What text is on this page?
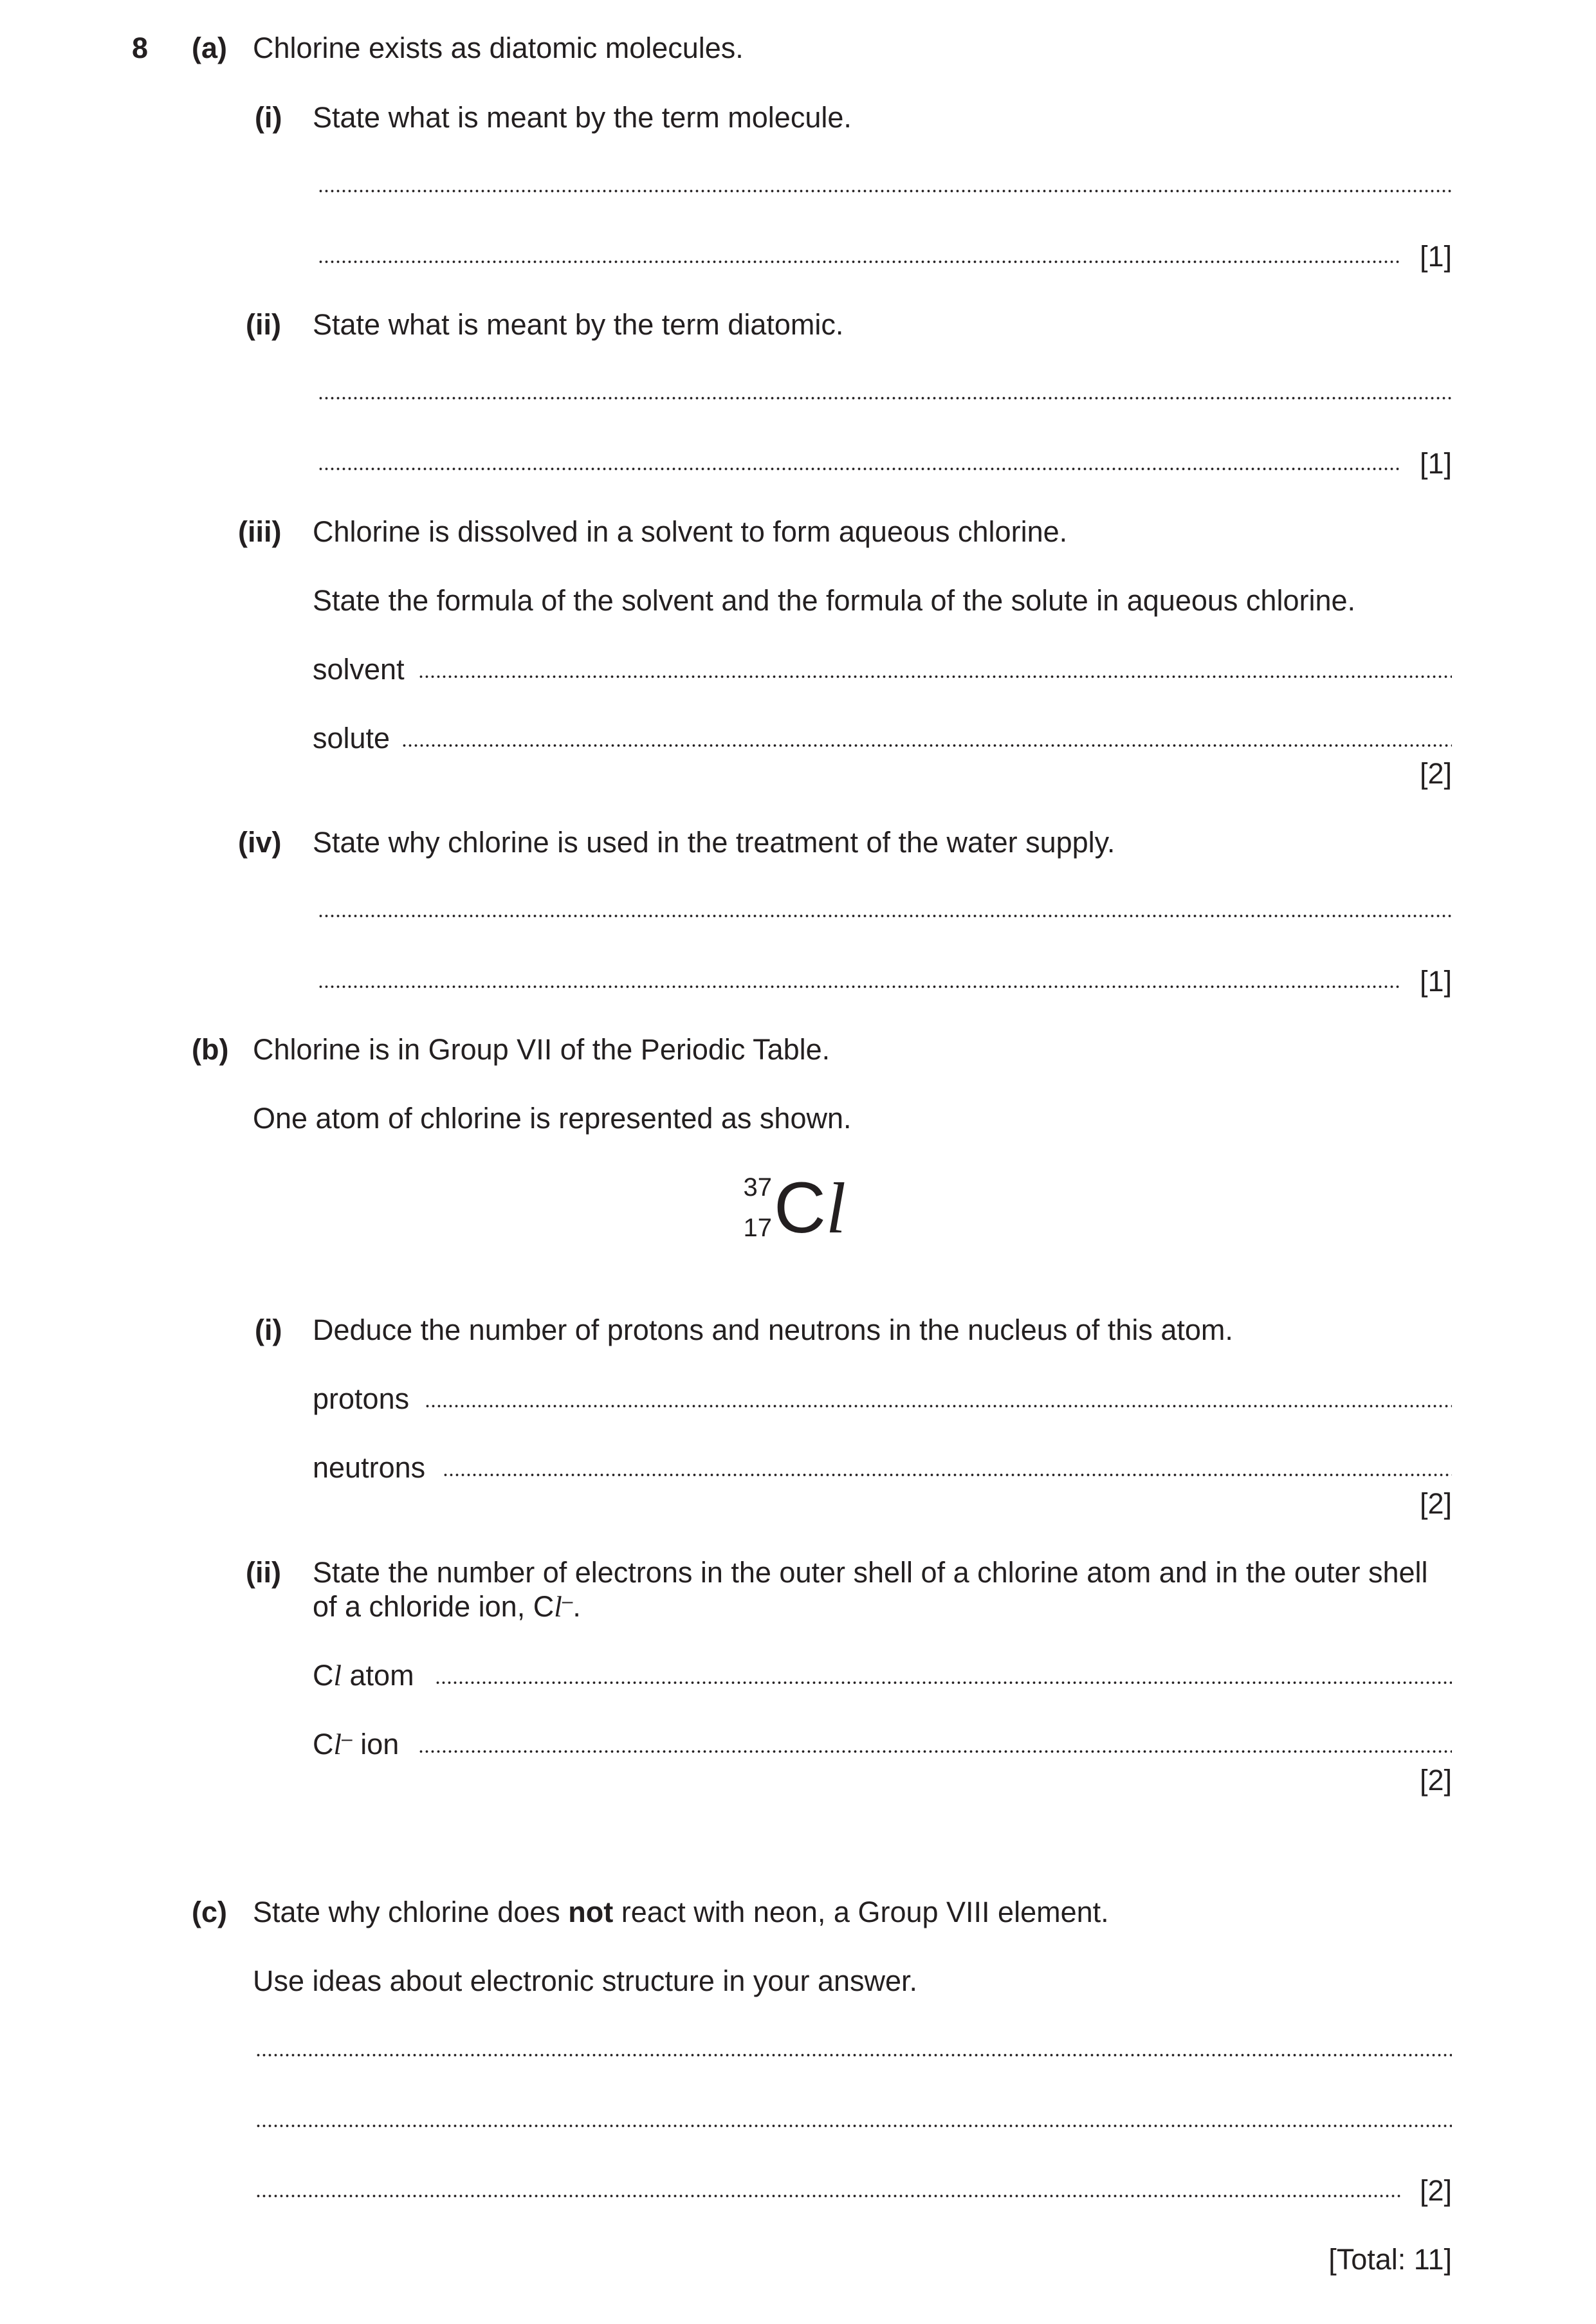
8 (a) Chlorine exists as diatomic molecules.
(i) State what is meant by the term molecule.
[1]
(ii) State what is meant by the term diatomic.
[1]
(iii) Chlorine is dissolved in a solvent to form aqueous chlorine.
State the formula of the solvent and the formula of the solute in aqueous chlorine.
solvent
solute
[2]
(iv) State why chlorine is used in the treatment of the water supply.
[1]
(b) Chlorine is in Group VII of the Periodic Table.
One atom of chlorine is represented as shown.
37
17 Cl
(i) Deduce the number of protons and neutrons in the nucleus of this atom.
protons
neutrons
[2]
(ii) State the number of electrons in the outer shell of a chlorine atom and in the outer shell
of a chloride ion, Cl–.
Cl atom
Cl– ion
[2]
(c) State why chlorine does not react with neon, a Group VIII element.
Use ideas about electronic structure in your answer.
[2]
[Total: 11]
